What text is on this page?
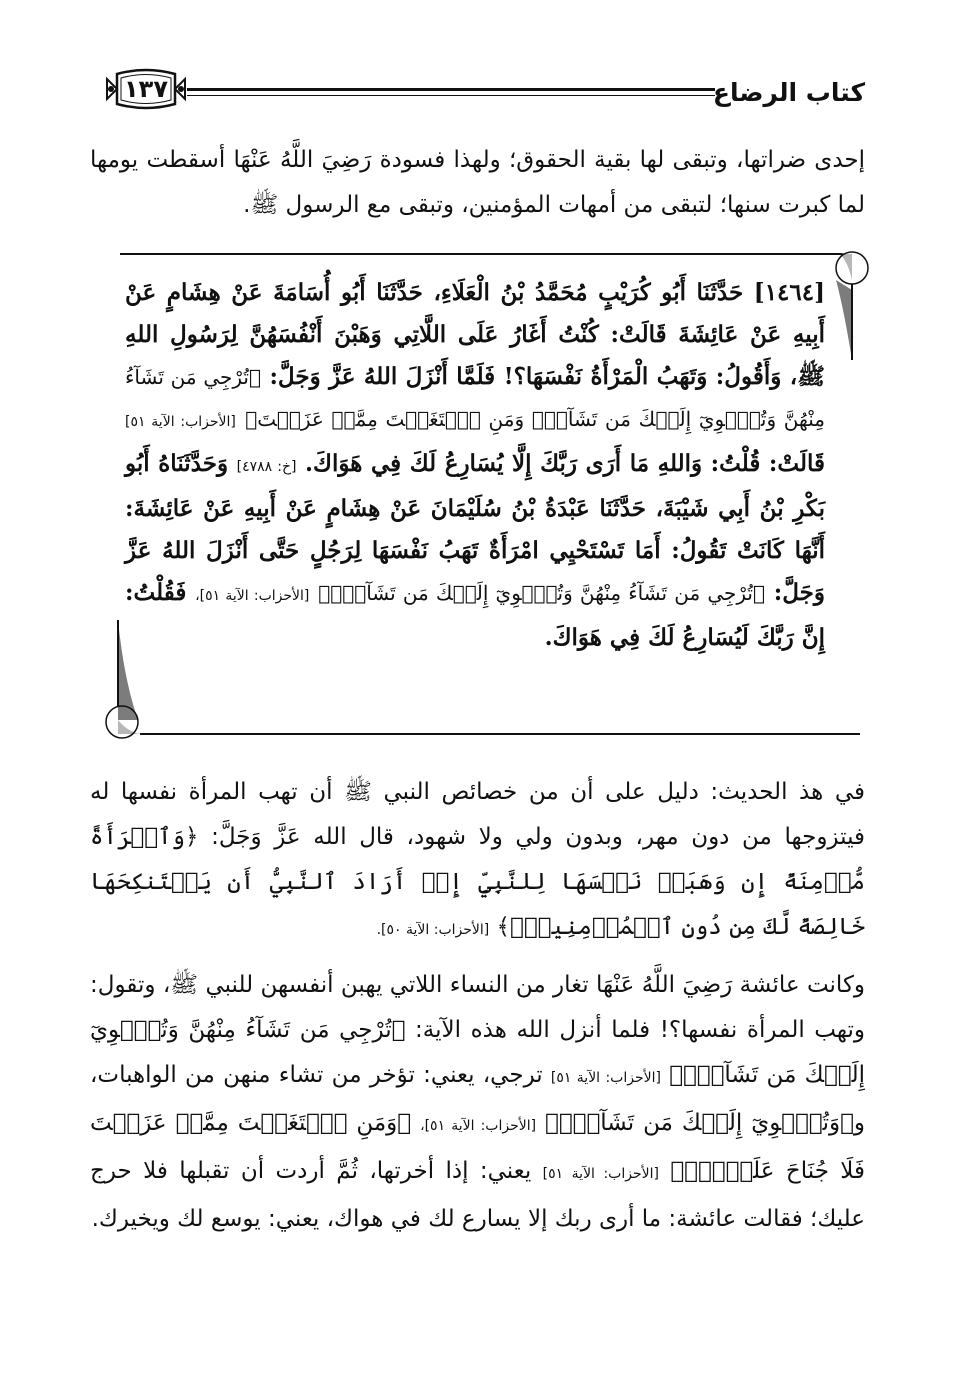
كتاب الرضاع
١٣٧
إحدى ضراتها، وتبقى لها بقية الحقوق؛ ولهذا فسودة رَضِيَ اللَّهُ عَنْهَا أسقطت يومها لما كبرت سنها؛ لتبقى من أمهات المؤمنين، وتبقى مع الرسول ﷺ.
[١٤٦٤] حَدَّثَنَا أَبُو كُرَيْبٍ مُحَمَّدُ بْنُ الْعَلَاءِ، حَدَّثَنَا أَبُو أُسَامَةَ عَنْ هِشَامٍ عَنْ أَبِيهِ عَنْ عَائِشَةَ قَالَتْ: كُنْتُ أَغَارُ عَلَى اللَّاتِي وَهَبْنَ أَنْفُسَهُنَّ لِرَسُولِ اللهِ ﷺ، وَأَقُولُ: وَتَهَبُ الْمَرْأَةُ نَفْسَهَا؟! فَلَمَّا أَنْزَلَ اللهُ عَزَّ وَجَلَّ: ﴿تُرْجِي مَن تَشَآءُ مِنْهُنَّ وَتُـٔۡوِيٓ إِلَيۡكَ مَن تَشَآءُۖ وَمَنِ ٱبۡتَغَيۡتَ مِمَّنۡ عَزَلۡتَ﴾ [الأحزاب: الآية ٥١] قَالَتْ: قُلْتُ: وَاللهِ مَا أَرَى رَبَّكَ إِلَّا يُسَارِعُ لَكَ فِي هَوَاكَ. [خ: ٤٧٨٨] وَحَدَّثَنَاهُ أَبُو بَكْرِ بْنُ أَبِي شَيْبَةَ، حَدَّثَنَا عَبْدَةُ بْنُ سُلَيْمَانَ عَنْ هِشَامٍ عَنْ أَبِيهِ عَنْ عَائِشَةَ: أَنَّهَا كَانَتْ تَقُولُ: أَمَا تَسْتَحْيِي امْرَأَةٌ تَهَبُ نَفْسَهَا لِرَجُلٍ حَتَّى أَنْزَلَ اللهُ عَزَّ وَجَلَّ: ﴿تُرْجِي مَن تَشَآءُ مِنْهُنَّ وَتُـٔۡوِيٓ إِلَيۡكَ مَن تَشَآءُۖ﴾ [الأحزاب: الآية ٥١]، فَقُلْتُ: إِنَّ رَبَّكَ لَيُسَارِعُ لَكَ فِي هَوَاكَ.
في هذ الحديث: دليل على أن من خصائص النبي ﷺ أن تهب المرأة نفسها له فيتزوجها من دون مهر، وبدون ولي ولا شهود، قال الله عَزَّ وَجَلَّ: ﴿وَٱمۡرَأَةً مُّؤۡمِنَةً إِن وَهَبَتۡ نَفۡسَهَا لِلنَّبِيِّ إِنۡ أَرَادَ ٱلنَّبِيُّ أَن يَسۡتَنكِحَهَا خَالِصَةً لَّكَ مِن دُونِ ٱلۡمُؤۡمِنِينَۗ﴾ [الأحزاب: الآية ٥٠].
وكانت عائشة رَضِيَ اللَّهُ عَنْهَا تغار من النساء اللاتي يهبن أنفسهن للنبي ﷺ، وتقول: وتهب المرأة نفسها؟! فلما أنزل الله هذه الآية: ﴿تُرْجِي مَن تَشَآءُ مِنْهُنَّ وَتُـٔۡوِيٓ إِلَيۡكَ مَن تَشَآءُۖ﴾ [الأحزاب: الآية ٥١] ترجي، يعني: تؤخر من تشاء منهن من الواهبات، و﴿وَتُـٔۡوِيٓ إِلَيۡكَ مَن تَشَآءُۖ﴾ [الأحزاب: الآية ٥١]، ﴿وَمَنِ ٱبۡتَغَيۡتَ مِمَّنۡ عَزَلۡتَ فَلَا جُنَاحَ عَلَيۡكَۚ﴾ [الأحزاب: الآية ٥١] يعني: إذا أخرتها، ثُمَّ أردت أن تقبلها فلا حرج عليك؛ فقالت عائشة: ما أرى ربك إلا يسارع لك في هواك، يعني: يوسع لك ويخيرك.
